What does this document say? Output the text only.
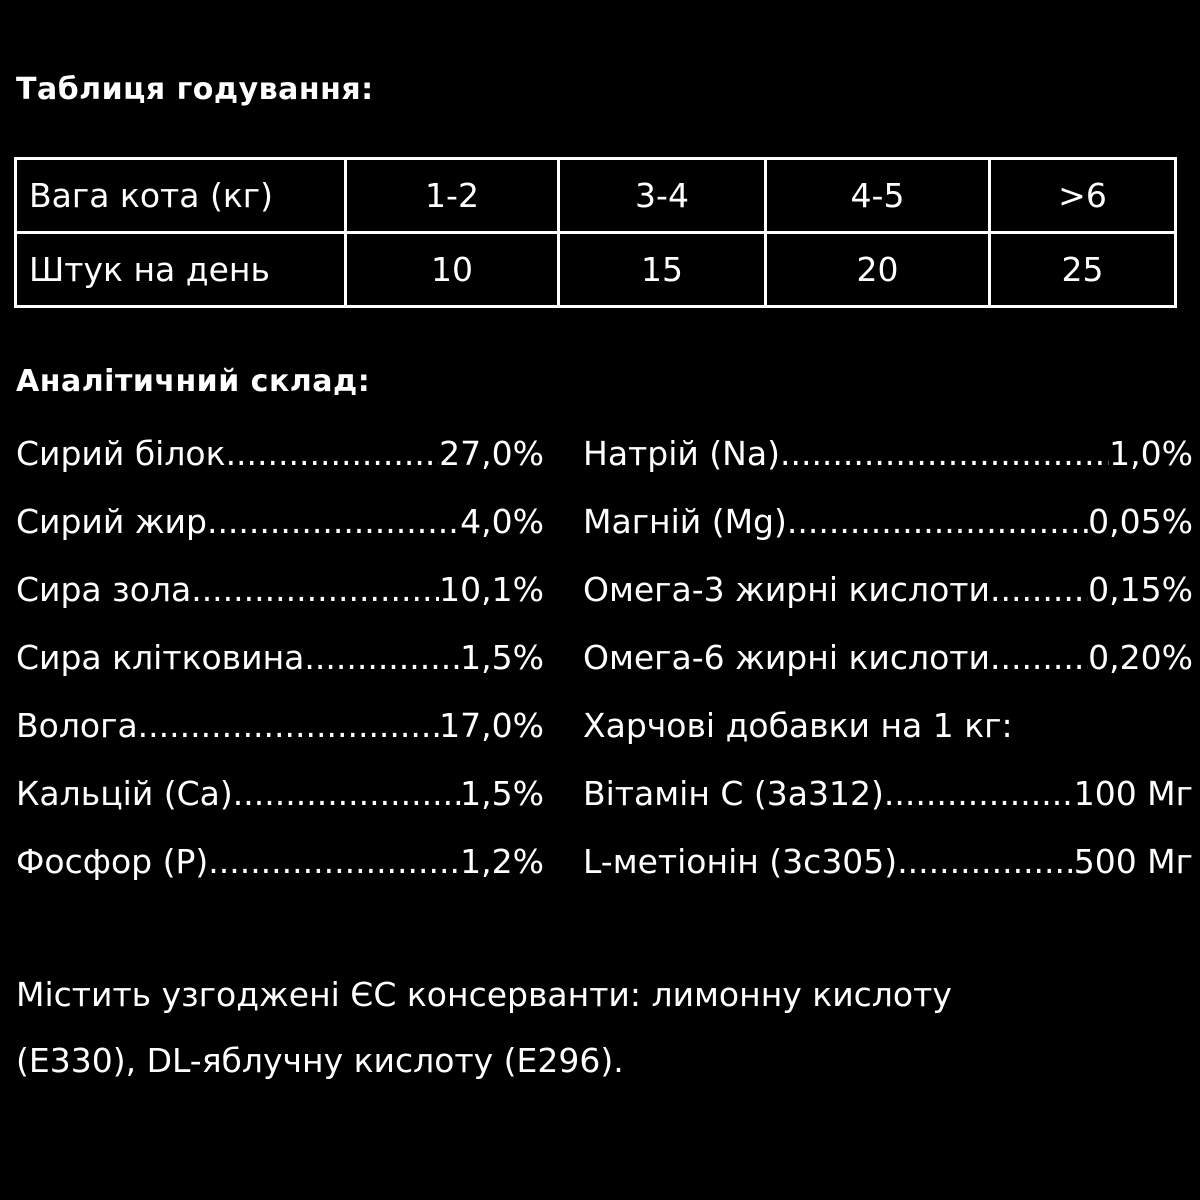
Таблиця годування:
Вага кота (кг)	1-2	3-4	4-5	>6
Штук на день	10	15	20	25
Аналітичний склад:
Сирий білок .....	27,0%
Сирий жир .....	4,0%
Сира зола .....	10,1%
Сира клітковина .....	1,5%
Волога .....	17,0%
Кальцій (Ca) .....	1,5%
Фосфор (P) .....	1,2%
Натрій (Na) .....	1,0%
Магній (Mg) .....	0,05%
Омега-3 жирні кислоти .....	0,15%
Омега-6 жирні кислоти .....	0,20%
Харчові добавки на 1 кг:
Вітамін С (3a312) .....	100 Мг
L-метіонін (3c305) .....	500 Мг
Містить узгоджені ЄС консерванти: лимонну кислоту
(E330), DL-яблучну кислоту (E296).
